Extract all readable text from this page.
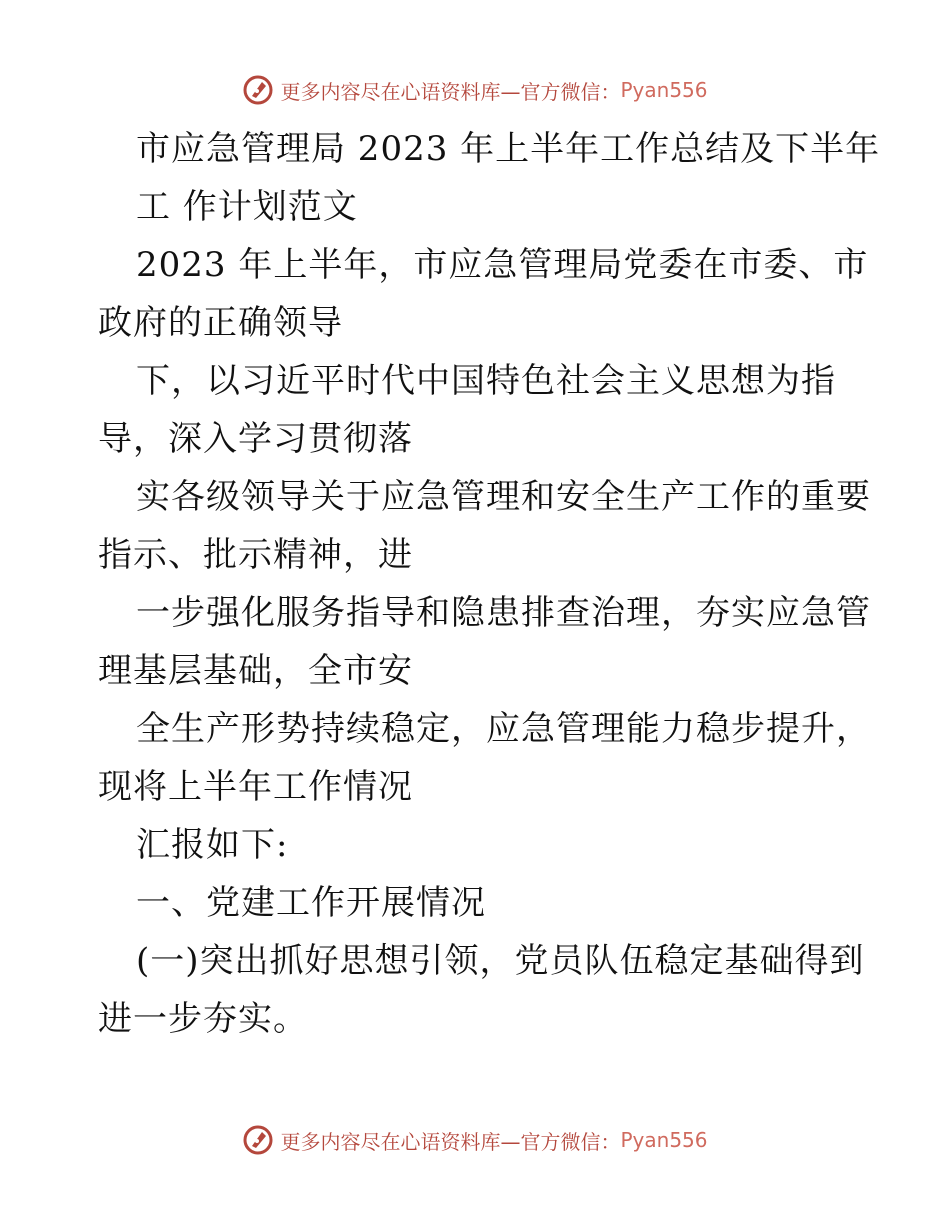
更多内容尽在心语资料库—官方微信： Pyan556
市应急管理局 2023 年上半年工作总结及下半年
工 作计划范文
2023 年上半年，市应急管理局党委在市委、市
政府的正确领导
下，以习近平时代中国特色社会主义思想为指
导，深入学习贯彻落
实各级领导关于应急管理和安全生产工作的重要
指示、批示精神，进
一步强化服务指导和隐患排查治理，夯实应急管
理基层基础，全市安
全生产形势持续稳定，应急管理能力稳步提升，
现将上半年工作情况
汇报如下:
一、党建工作开展情况
(一)突出抓好思想引领，党员队伍稳定基础得到
进一步夯实。
更多内容尽在心语资料库—官方微信： Pyan556
